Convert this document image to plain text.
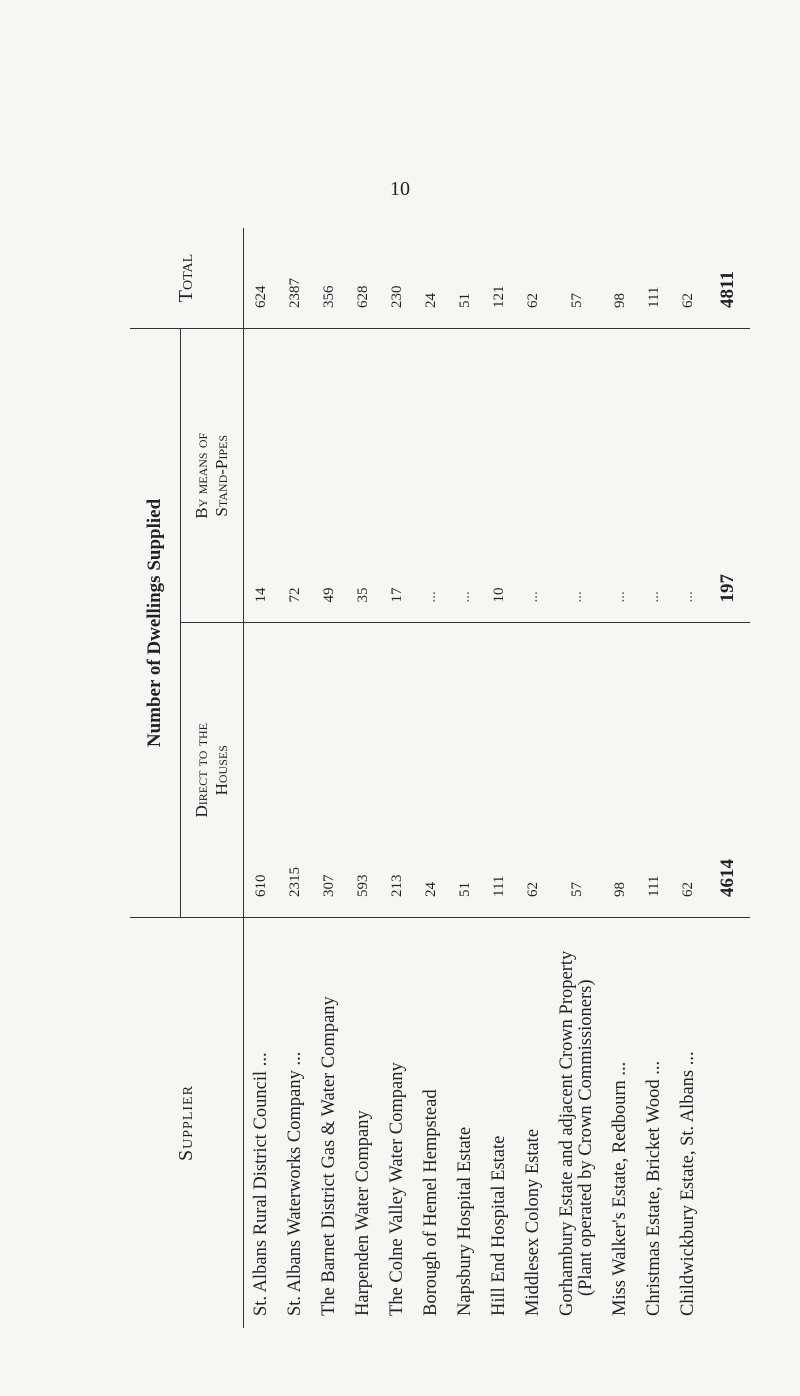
10
Supplier	Number of Dwellings Supplied		Total

	Direct to the Houses	By means of Stand-Pipes	

St. Albans Rural District Council ...	610	14	624
St. Albans Waterworks Company ...	2315	72	2387
The Barnet District Gas & Water Company	307	49	356
Harpenden Water Company	593	35	628
The Colne Valley Water Company	213	17	230
Borough of Hemel Hempstead	24	...	24
Napsbury Hospital Estate	51	...	51
Hill End Hospital Estate	111	10	121
Middlesex Colony Estate	62	...	62

Gorhambury Estate and adjacent Crown Property (Plant operated by Crown Commissioners)	57	...	57
Miss Walker's Estate, Redbourn ...	98	...	98
Christmas Estate, Bricket Wood ...	111	...	111
Childwickbury Estate, St. Albans ...	62	...	62
	4614	197	4811
